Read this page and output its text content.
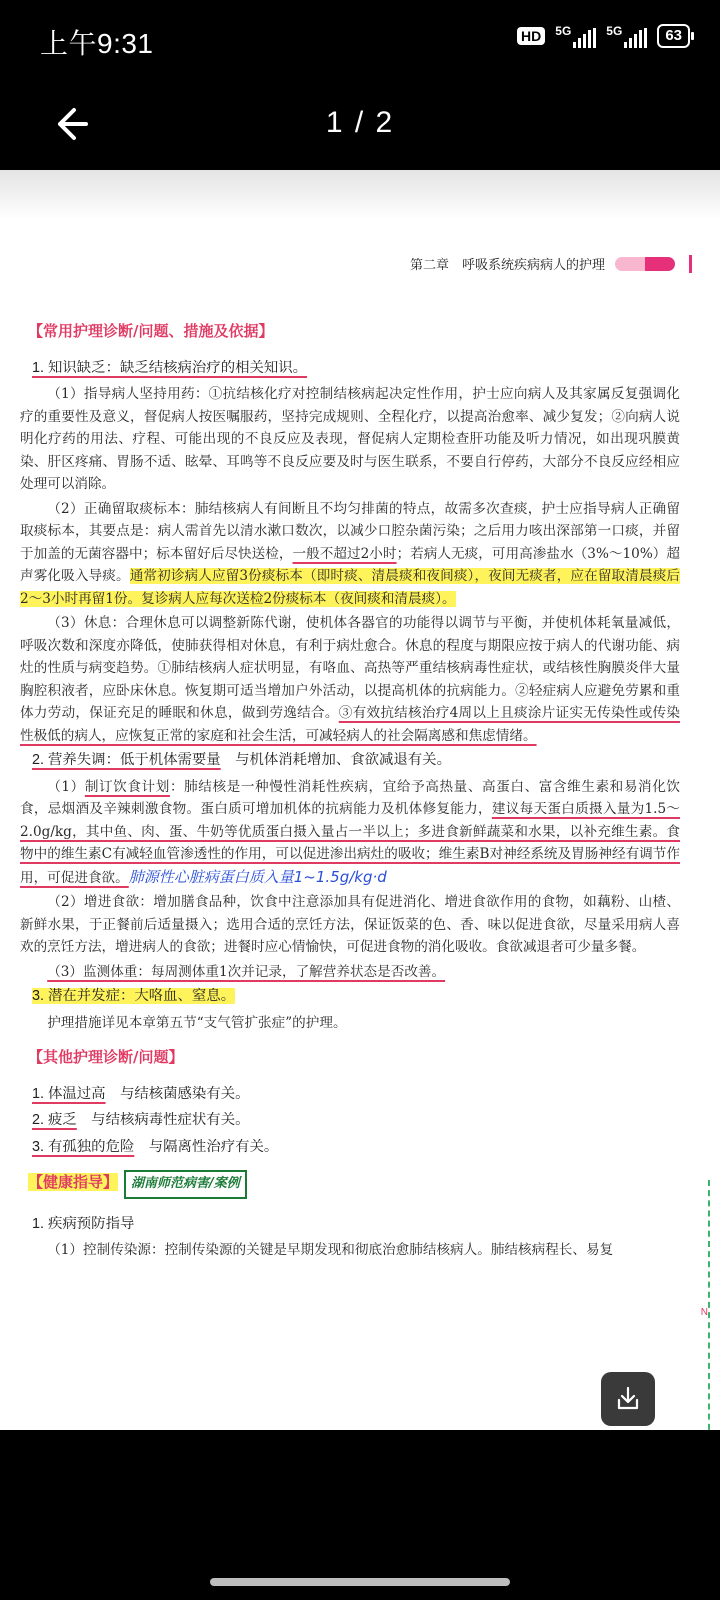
上午9:31	HD	5G	5G	63
1 / 2
第二章　呼吸系统疾病病人的护理
【常用护理诊断/问题、措施及依据】
1. 知识缺乏：缺乏结核病治疗的相关知识。

（1）指导病人坚持用药：①抗结核化疗对控制结核病起决定性作用，护士应向病人及其家属反复强调化疗的重要性及意义，督促病人按医嘱服药，坚持完成规则、全程化疗，以提高治愈率、减少复发；②向病人说明化疗药的用法、疗程、可能出现的不良反应及表现，督促病人定期检查肝功能及听力情况，如出现巩膜黄染、肝区疼痛、胃肠不适、眩晕、耳鸣等不良反应要及时与医生联系，不要自行停药，大部分不良反应经相应处理可以消除。

（2）正确留取痰标本：肺结核病人有间断且不均匀排菌的特点，故需多次查痰，护士应指导病人正确留取痰标本，其要点是：病人需首先以清水漱口数次，以减少口腔杂菌污染；之后用力咳出深部第一口痰，并留于加盖的无菌容器中；标本留好后尽快送检，一般不超过2小时；若病人无痰，可用高渗盐水（3%～10%）超声雾化吸入导痰。通常初诊病人应留3份痰标本（即时痰、清晨痰和夜间痰），夜间无痰者，应在留取清晨痰后2～3小时再留1份。复诊病人应每次送检2份痰标本（夜间痰和清晨痰）。

（3）休息：合理休息可以调整新陈代谢，使机体各器官的功能得以调节与平衡，并使机体耗氧量减低，呼吸次数和深度亦降低，使肺获得相对休息，有利于病灶愈合。休息的程度与期限应按于病人的代谢功能、病灶的性质与病变趋势。①肺结核病人症状明显，有咯血、高热等严重结核病毒性症状，或结核性胸膜炎伴大量胸腔积液者，应卧床休息。恢复期可适当增加户外活动，以提高机体的抗病能力。②轻症病人应避免劳累和重体力劳动，保证充足的睡眠和休息，做到劳逸结合。③有效抗结核治疗4周以上且痰涂片证实无传染性或传染性极低的病人，应恢复正常的家庭和社会生活，可减轻病人的社会隔离感和焦虑情绪。

2. 营养失调：低于机体需要量　与机体消耗增加、食欲减退有关。

（1）制订饮食计划：肺结核是一种慢性消耗性疾病，宜给予高热量、高蛋白、富含维生素和易消化饮食，忌烟酒及辛辣刺激食物。蛋白质可增加机体的抗病能力及机体修复能力，建议每天蛋白质摄入量为1.5～2.0g/kg，其中鱼、肉、蛋、牛奶等优质蛋白摄入量占一半以上；多进食新鲜蔬菜和水果，以补充维生素。食物中的维生素C有减轻血管渗透性的作用，可以促进渗出病灶的吸收；维生素B对神经系统及胃肠神经有调节作用，可促进食欲。肺源性心脏病蛋白质入量1~1.5g/kg·d

（2）增进食欲：增加膳食品种，饮食中注意添加具有促进消化、增进食欲作用的食物，如藕粉、山楂、新鲜水果，于正餐前后适量摄入；选用合适的烹饪方法，保证饭菜的色、香、味以促进食欲，尽量采用病人喜欢的烹饪方法，增进病人的食欲；进餐时应心情愉快，可促进食物的消化吸收。食欲减退者可少量多餐。

（3）监测体重：每周测体重1次并记录，了解营养状态是否改善。

3. 潜在并发症：大咯血、窒息。

护理措施详见本章第五节“支气管扩张症”的护理。

【其他护理诊断/问题】
1. 体温过高　与结核菌感染有关。
2. 疲乏　与结核病毒性症状有关。
3. 有孤独的危险　与隔离性治疗有关。
【健康指导】 湖南师范病害/案例
1. 疾病预防指导

（1）控制传染源：控制传染源的关键是早期发现和彻底治愈肺结核病人。肺结核病程长、易复

N
